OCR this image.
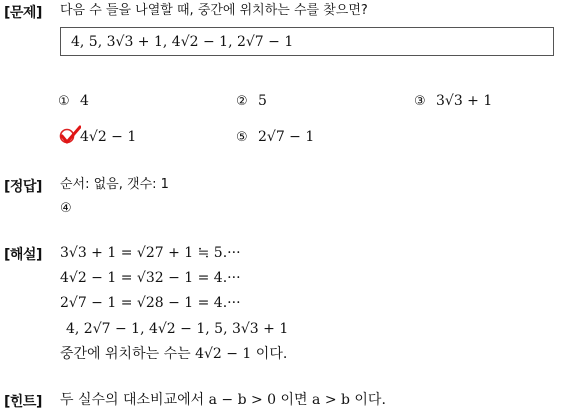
[문제] 다음 수 들을 나열할 때, 중간에 위치하는 수를 찾으면?
4, 5, 3√3 + 1, 4√2 − 1, 2√7 − 1
① 4	② 5	③ 3√3 + 1
4√2 − 1	⑤ 2√7 − 1
[정답] 순서: 없음, 갯수: 1
④
[해설] 3√3 + 1 = √27 + 1 ≒ 5.···
4√2 − 1 = √32 − 1 = 4.···
2√7 − 1 = √28 − 1 = 4.···
4, 2√7 − 1, 4√2 − 1, 5, 3√3 + 1
중간에 위치하는 수는 4√2 − 1 이다.
[힌트] 두 실수의 대소비교에서 a − b > 0 이면 a > b 이다.
